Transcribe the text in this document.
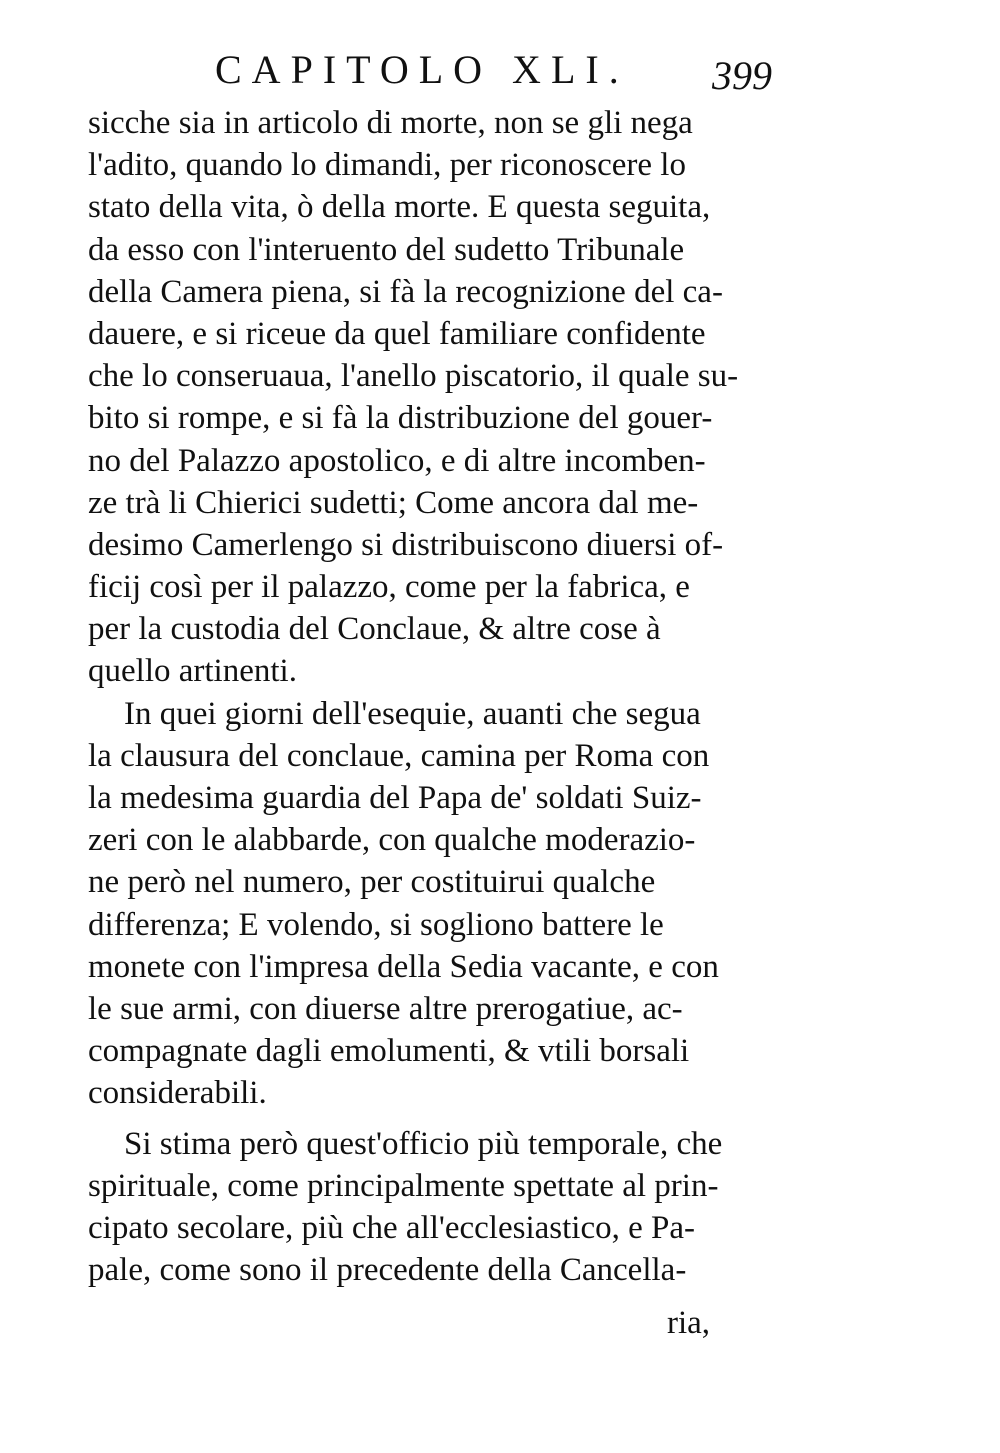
CAPITOLO XLI. 399
sicche sia in articolo di morte, non se gli nega
l'adito, quando lo dimandi, per riconoscere lo
stato della vita, ò della morte. E questa seguita,
da esso con l'interuento del sudetto Tribunale
della Camera piena, si fà la recognizione del ca-
dauere, e si riceue da quel familiare confidente
che lo conseruaua, l'anello piscatorio, il quale su-
bito si rompe, e si fà la distribuzione del gouer-
no del Palazzo apostolico, e di altre incomben-
ze trà li Chierici sudetti; Come ancora dal me-
desimo Camerlengo si distribuiscono diuersi of-
ficij così per il palazzo, come per la fabrica, e
per la custodia del Conclaue, & altre cose à
quello artinenti.
In quei giorni dell'esequie, auanti che segua
la clausura del conclaue, camina per Roma con
la medesima guardia del Papa de' soldati Suiz-
zeri con le alabbarde, con qualche moderazio-
ne però nel numero, per costituirui qualche
differenza; E volendo, si sogliono battere le
monete con l'impresa della Sedia vacante, e con
le sue armi, con diuerse altre prerogatiue, ac-
compagnate dagli emolumenti, & vtili borsali
considerabili.
Si stima però quest'officio più temporale, che
spirituale, come principalmente spettate al prin-
cipato secolare, più che all'ecclesiastico, e Pa-
pale, come sono il precedente della Cancella-
ria,
